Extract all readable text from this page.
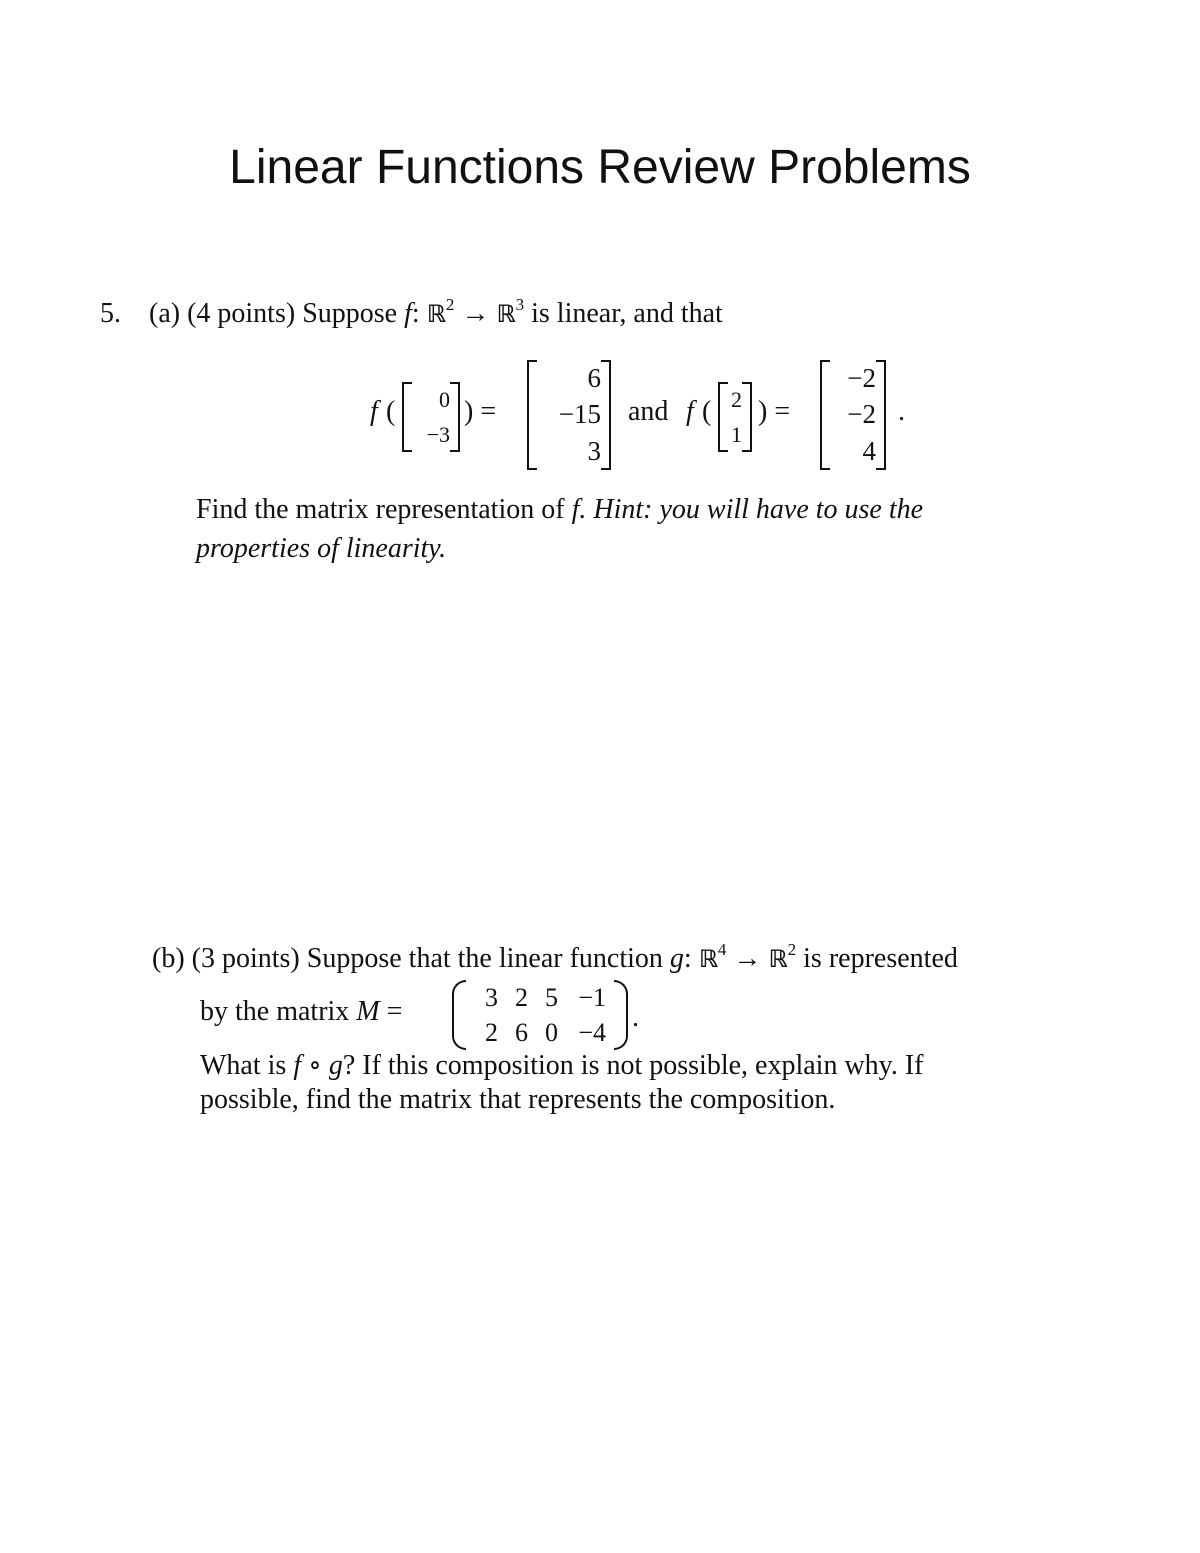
Linear Functions Review Problems
5. (a) (4 points) Suppose f: ℝ$^2$ → ℝ$^3$ is linear, and that
f (	0
−3
) =
6
−15
3
and f ( 2
1
) =
−2
−2
4
.
Find the matrix representation of f. Hint: you will have to use the
properties of linearity.
(b) (3 points) Suppose that the linear function g: ℝ$^4$ → ℝ$^2$ is represented
by the matrix M =	3 2 5 −1
2 6 0 −4 .
What is f ∘ g? If this composition is not possible, explain why. If
possible, find the matrix that represents the composition.
